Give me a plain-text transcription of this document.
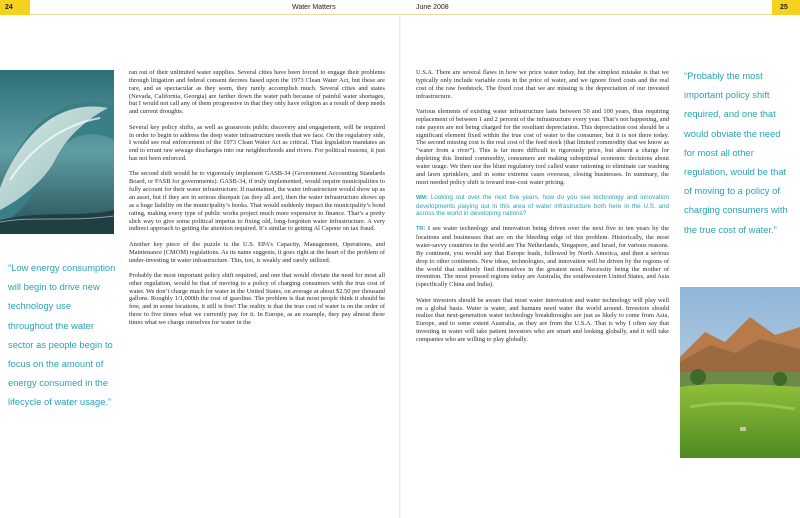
24	Water Matters	June 2008	25
“Low energy consumption will begin to drive new technology use throughout the water sector as people begin to focus on the amount of energy consumed in the lifecycle of water usage.”

ran out of their unlimited water supplies. Several cities have been forced to engage their problems through litigation and federal consent decrees based upon the 1973 Clean Water Act, but these are rare, and as spectacular as they seem, they rarely accomplish much. Several cities and states (Nevada, California, Georgia) are farther down the water path because of painful water shortages, but I would not call any of them progressive in that they only have religion as a result of deep needs and current droughts.

Several key policy shifts, as well as grassroots public discovery and engagement, will be required in order to begin to address the deep water infrastructure needs that we face. On the regulatory side, I would see real enforcement of the 1973 Clean Water Act as critical. That legislation mandates an end to errant raw sewage discharges into our neighborhoods and rivers. For political reasons, it just has not been enforced.

The second shift would be to vigorously implement GASB-34 (Government Accounting Standards Board, or FASB for governments). GASB-34, if truly implemented, would require municipalities to fully account for their water infrastructure. If maintained, the water infrastructure would show up as an asset, but if they are in serious disrepair (as they all are), then the water infrastructure shows up as a huge liability on the municipality’s books. That would suddenly impact the municipality’s bond rating, making every type of public works project much more expensive to finance. That’s a pretty slick way to give some political impetus to fixing old, long-forgotten water infrastructure. A very indirect approach to getting the attention required. It’s similar to getting Al Capone on tax fraud.

Another key piece of the puzzle is the U.S. EPA’s Capacity, Management, Operations, and Maintenance (CMOM) regulations. As its name suggests, it goes right at the heart of the problem of under-investing in water infrastructure. This, too, is weakly and rarely utilized.

Probably the most important policy shift required, and one that would obviate the need for most all other regulation, would be that of moving to a policy of charging consumers with the true cost of water. We don’t charge much for water in the United States, on average at about $2.50 per thousand gallons. Roughly 1/1,000th the cost of gasoline. The problem is that most people think it should be free, and in some locations, it still is free! The reality is that the true cost of water is on the order of three to five times what we currently pay for it. In Europe, as an example, they pay almost three times what we charge ourselves for water in the

U.S.A. There are several flaws in how we price water today, but the simplest mistake is that we typically only include variable costs in the price of water, and we ignore fixed costs and the real cost of the raw feedstock. The fixed cost that we are missing is the depreciation of our invested infrastructure.

Various elements of existing water infrastructure lasts between 50 and 100 years, thus requiring replacement of between 1 and 2 percent of the infrastructure every year. That’s not happening, and rate payers are not being charged for the resultant depreciation. This depreciation cost should be a significant element fixed within the true cost of water to the consumer, but it is not there today. The second missing cost is the real cost of the feed stock (that limited commodity that we know as “water from a river”). This is far more difficult to rigorously price, but absent a charge for depleting this limited commodity, consumers are making suboptimal economic decisions about water usage. We then use the blunt regulatory tool called water rationing to eliminate car washing and lawn sprinklers, and in some extreme cases overseas, closing businesses. In summary, the most needed policy shift is toward true-cost water pricing.

WM: Looking out over the next five years, how do you see technology and innovation developments playing out in this area of water infrastructure both here in the U.S. and across the world in developing nations?

TR: I see water technology and innovation being driven over the next five to ten years by the locations and businesses that are on the bleeding edge of this problem. Historically, the most water-savvy countries in the world are The Netherlands, Singapore, and Israel, for various reasons. By continent, you would say that Europe leads, followed by North America, and then a serious drop to other continents. New ideas, technologies, and innovation will be driven by the regions of the world that suddenly find themselves in the greatest need. Necessity being the mother of invention. The most pressed regions today are Australia, the southwestern United States, and Asia (specifically China and India).

Water investors should be aware that most water innovation and water technology will play well on a global basis. Water is water, and humans need water the world around. Investors should realize that next-generation water technology breakthroughs are just as likely to come from Asia, Europe, and to some extent Australia, as they are from the U.S.A. That is why I often say that investing in water will take patient investors who are smart and looking globally, and it will take companies who are willing to play globally.

“Probably the most important policy shift required, and one that would obviate the need for most all other regulation, would be that of moving to a policy of charging consumers with the true cost of water.”
